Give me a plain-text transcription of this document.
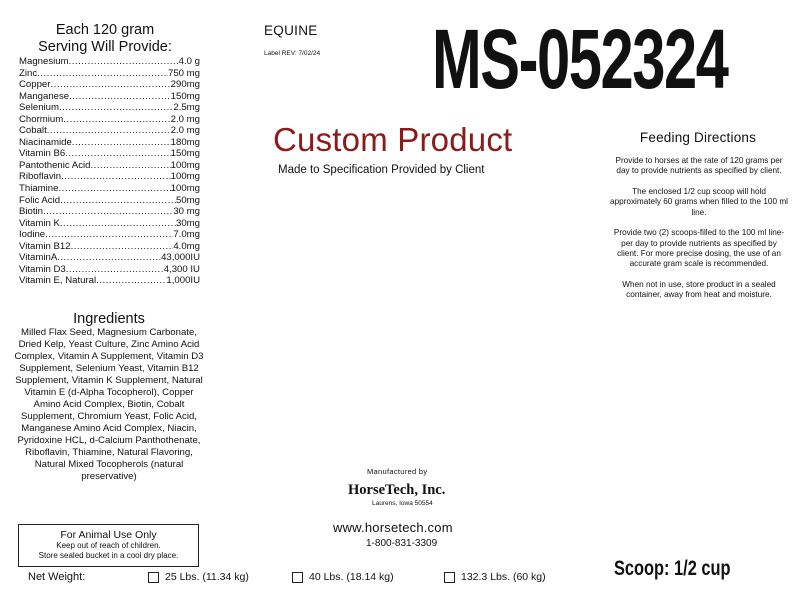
Each 120 gram
Serving Will Provide:
Magnesium .....	4.0 g
Zinc .....	750 mg
Copper .....	290mg
Manganese .....	150mg
Selenium .....	2.5mg
Chormium .....	2.0 mg
Cobalt .....	2.0 mg
Niacinamide .....	180mg
Vitamin B6 .....	150mg
Pantothenic Acid .....	100mg
Riboflavin .....	100mg
Thiamine .....	100mg
Folic Acid .....	50mg
Biotin .....	30 mg
Vitamin K .....	30mg
Iodine .....	7.0mg
Vitamin B12 .....	4.0mg
VitaminA .....	43,000IU
Vitamin D3 .....	4,300 IU
Vitamin E, Natural .....	1,000IU
Ingredients
Milled Flax Seed, Magnesium Carbonate, Dried Kelp, Yeast Culture, Zinc Amino Acid Complex, Vitamin A Supplement, Vitamin D3 Supplement, Selenium Yeast, Vitamin B12 Supplement, Vitamin K Supplement, Natural Vitamin E (d-Alpha Tocopherol), Copper Amino Acid Complex, Biotin, Cobalt Supplement, Chromium Yeast, Folic Acid, Manganese Amino Acid Complex, Niacin, Pyridoxine HCL, d-Calcium Panthothenate, Riboflavin, Thiamine, Natural Flavoring, Natural Mixed Tocopherols (natural preservative)
For Animal Use Only
Keep out of reach of children.
Store sealed bucket in a cool dry place.
EQUINE
Label REV: 7/02/24
Custom Product
Made to Specification Provided by Client
Manufactured by
HorseTech, Inc.
Laurens, Iowa 50554
www.horsetech.com
1-800-831-3309
MS-052324
Feeding Directions

Provide to horses at the rate of 120 grams per day to provide nutrients as specified by client.

The enclosed 1/2 cup scoop will hold approximately 60 grams when filled to the 100 ml line.

Provide two (2) scoops-filled to the 100 ml line-per day to provide nutrients as specified by client. For more precise dosing, the use of an accurate gram scale is recommended.

When not in use, store product in a sealed container, away from heat and moisture.

Scoop: 1/2 cup
Net Weight:	25 Lbs. (11.34 kg)	40 Lbs. (18.14 kg)	132.3 Lbs. (60 kg)
